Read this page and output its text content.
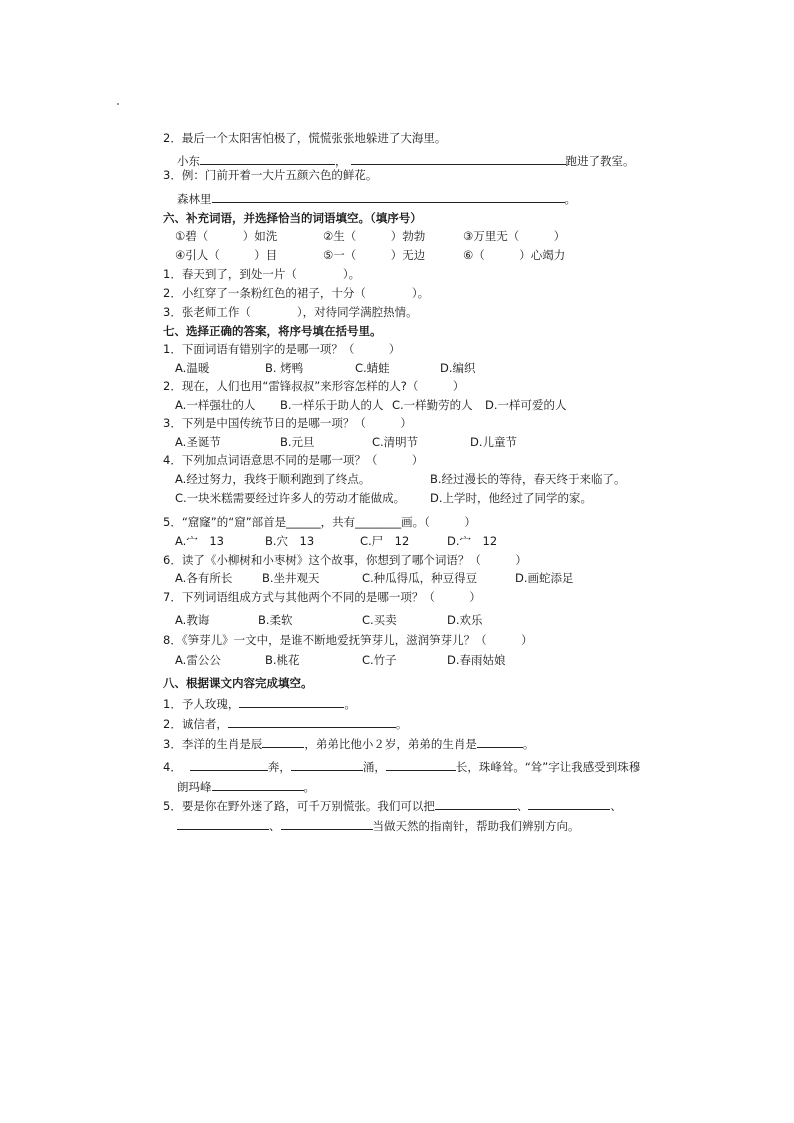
2．最后一个太阳害怕极了，慌慌张张地躲进了大海里。
小东	，	跑进了教室。
3．例：门前开着一大片五颜六色的鲜花。
森林里	。
六、补充词语，并选择恰当的词语填空。（填序号）
①碧（　　　）如洗	②生（　　　）勃勃	③万里无（　　　）
④引人（　　　）目	⑤一（　　　）无边	⑥（　　　）心竭力
1．春天到了，到处一片（　　　　）。
2．小红穿了一条粉红色的裙子，十分（　　　　）。
3．张老师工作（　　　　），对待同学满腔热情。
七、选择正确的答案，将序号填在括号里。
1．下面词语有错别字的是哪一项？（　　　）
A.温暖	B. 烤鸭	C.蜻蛙	D.编织
2．现在，人们也用“雷锋叔叔”来形容怎样的人?（　　　）
A.一样强壮的人 B.一样乐于助人的人 C.一样勤劳的人 D.一样可爱的人
3．下列是中国传统节日的是哪一项？（　　　）
A.圣诞节	B.元旦	C.清明节	D.儿童节
4．下列加点词语意思不同的是哪一项？（　　　）
A.经过努力，我终于顺利跑到了终点。	B.经过漫长的等待，春天终于来临了。
C.一块米糕需要经过许多人的劳动才能做成。 D.上学时，他经过了同学的家。
5．“窟窿”的“窟”部首是______，共有________画。（　　　）
A.宀　13	B.穴　13	C.尸　12	D.宀　12
6．读了《小柳树和小枣树》这个故事，你想到了哪个词语？（　　　）
A.各有所长	B.坐井观天	C.种瓜得瓜，种豆得豆	D.画蛇添足
7．下列词语组成方式与其他两个不同的是哪一项？（　　　）
A.教诲	B.柔软	C.买卖	D.欢乐
8．《笋芽儿》一文中，是谁不断地爱抚笋芽儿，滋润笋芽儿？（　　　）
A.雷公公	B.桃花	C.竹子	D.春雨姑娘
八、根据课文内容完成填空。
1．予人玫瑰，	。
2．诚信者，	。
3．李洋的生肖是辰	，弟弟比他小２岁，弟弟的生肖是	。
4．	奔，	涌，	长，珠峰耸。“耸”字让我感受到珠穆
朗玛峰	。
5．要是你在野外迷了路，可千万别慌张。我们可以把	、	、
、	当做天然的指南针，帮助我们辨别方向。
